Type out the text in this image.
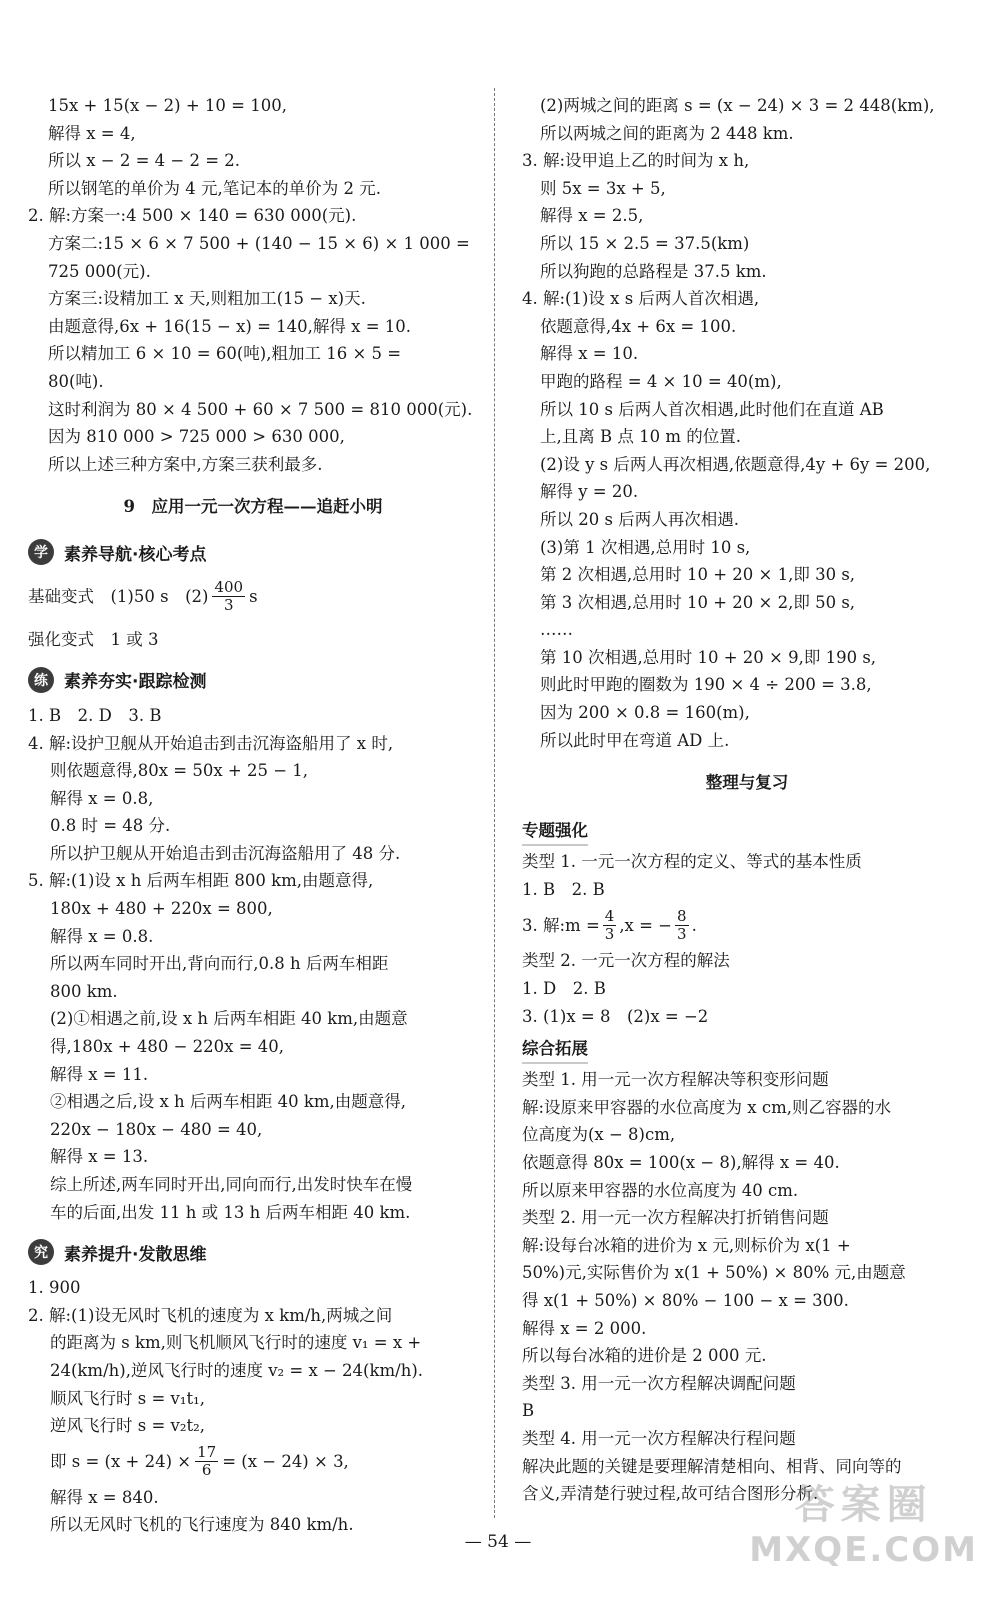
15x + 15(x − 2) + 10 = 100,
解得 x = 4,
所以 x − 2 = 4 − 2 = 2.
所以钢笔的单价为 4 元,笔记本的单价为 2 元.
2. 解:方案一:4 500 × 140 = 630 000(元).
方案二:15 × 6 × 7 500 + (140 − 15 × 6) × 1 000 =
725 000(元).
方案三:设精加工 x 天,则粗加工(15 − x)天.
由题意得,6x + 16(15 − x) = 140,解得 x = 10.
所以精加工 6 × 10 = 60(吨),粗加工 16 × 5 =
80(吨).
这时利润为 80 × 4 500 + 60 × 7 500 = 810 000(元).
因为 810 000 > 725 000 > 630 000,
所以上述三种方案中,方案三获利最多.
9　应用一元一次方程——追赶小明
学 素养导航·核心考点
基础变式　(1)50 s　$(2) \frac{400}{3}$ s
强化变式　1 或 3
练 素养夯实·跟踪检测
1. B　2. D　3. B
4. 解:设护卫舰从开始追击到击沉海盗船用了 x 时,
则依题意得,80x = 50x + 25 − 1,
解得 x = 0.8,
0.8 时 = 48 分.
所以护卫舰从开始追击到击沉海盗船用了 48 分.
5. 解:(1)设 x h 后两车相距 800 km,由题意得,
180x + 480 + 220x = 800,
解得 x = 0.8.
所以两车同时开出,背向而行,0.8 h 后两车相距
800 km.
(2)①相遇之前,设 x h 后两车相距 40 km,由题意
得,180x + 480 − 220x = 40,
解得 x = 11.
②相遇之后,设 x h 后两车相距 40 km,由题意得,
220x − 180x − 480 = 40,
解得 x = 13.
综上所述,两车同时开出,同向而行,出发时快车在慢
车的后面,出发 11 h 或 13 h 后两车相距 40 km.
究 素养提升·发散思维
1. 900
2. 解:(1)设无风时飞机的速度为 x km/h,两城之间
的距离为 s km,则飞机顺风飞行时的速度 v₁ = x +
24(km/h),逆风飞行时的速度 v₂ = x − 24(km/h).
顺风飞行时 s = v₁t₁,
逆风飞行时 s = v₂t₂,
即 $s = (x + 24) \times \frac{17}{6} = (x - 24) \times 3$,
解得 x = 840.
所以无风时飞机的飞行速度为 840 km/h.
(2)两城之间的距离 s = (x − 24) × 3 = 2 448(km),
所以两城之间的距离为 2 448 km.
3. 解:设甲追上乙的时间为 x h,
则 5x = 3x + 5,
解得 x = 2.5,
所以 15 × 2.5 = 37.5(km)
所以狗跑的总路程是 37.5 km.
4. 解:(1)设 x s 后两人首次相遇,
依题意得,4x + 6x = 100.
解得 x = 10.
甲跑的路程 = 4 × 10 = 40(m),
所以 10 s 后两人首次相遇,此时他们在直道 AB
上,且离 B 点 10 m 的位置.
(2)设 y s 后两人再次相遇,依题意得,4y + 6y = 200,
解得 y = 20.
所以 20 s 后两人再次相遇.
(3)第 1 次相遇,总用时 10 s,
第 2 次相遇,总用时 10 + 20 × 1,即 30 s,
第 3 次相遇,总用时 10 + 20 × 2,即 50 s,
……
第 10 次相遇,总用时 10 + 20 × 9,即 190 s,
则此时甲跑的圈数为 190 × 4 ÷ 200 = 3.8,
因为 200 × 0.8 = 160(m),
所以此时甲在弯道 AD 上.
整理与复习
专题强化
类型 1. 一元一次方程的定义、等式的基本性质
1. B　2. B
3. 解:m = $\frac{4}{3} ,x$ = − $\frac{8}{3}$ .
类型 2. 一元一次方程的解法
1. D　2. B
3. (1)x = 8　(2)x = −2
综合拓展
类型 1. 用一元一次方程解决等积变形问题
解:设原来甲容器的水位高度为 x cm,则乙容器的水
位高度为(x − 8)cm,
依题意得 80x = 100(x − 8),解得 x = 40.
所以原来甲容器的水位高度为 40 cm.
类型 2. 用一元一次方程解决打折销售问题
解:设每台冰箱的进价为 x 元,则标价为 x(1 +
50%)元,实际售价为 x(1 + 50%) × 80% 元,由题意
得 x(1 + 50%) × 80% − 100 − x = 300.
解得 x = 2 000.
所以每台冰箱的进价是 2 000 元.
类型 3. 用一元一次方程解决调配问题
B
类型 4. 用一元一次方程解决行程问题
解决此题的关键是要理解清楚相向、相背、同向等的
含义,弄清楚行驶过程,故可结合图形分析.
— 54 —
答案圈
MXQE.COM
